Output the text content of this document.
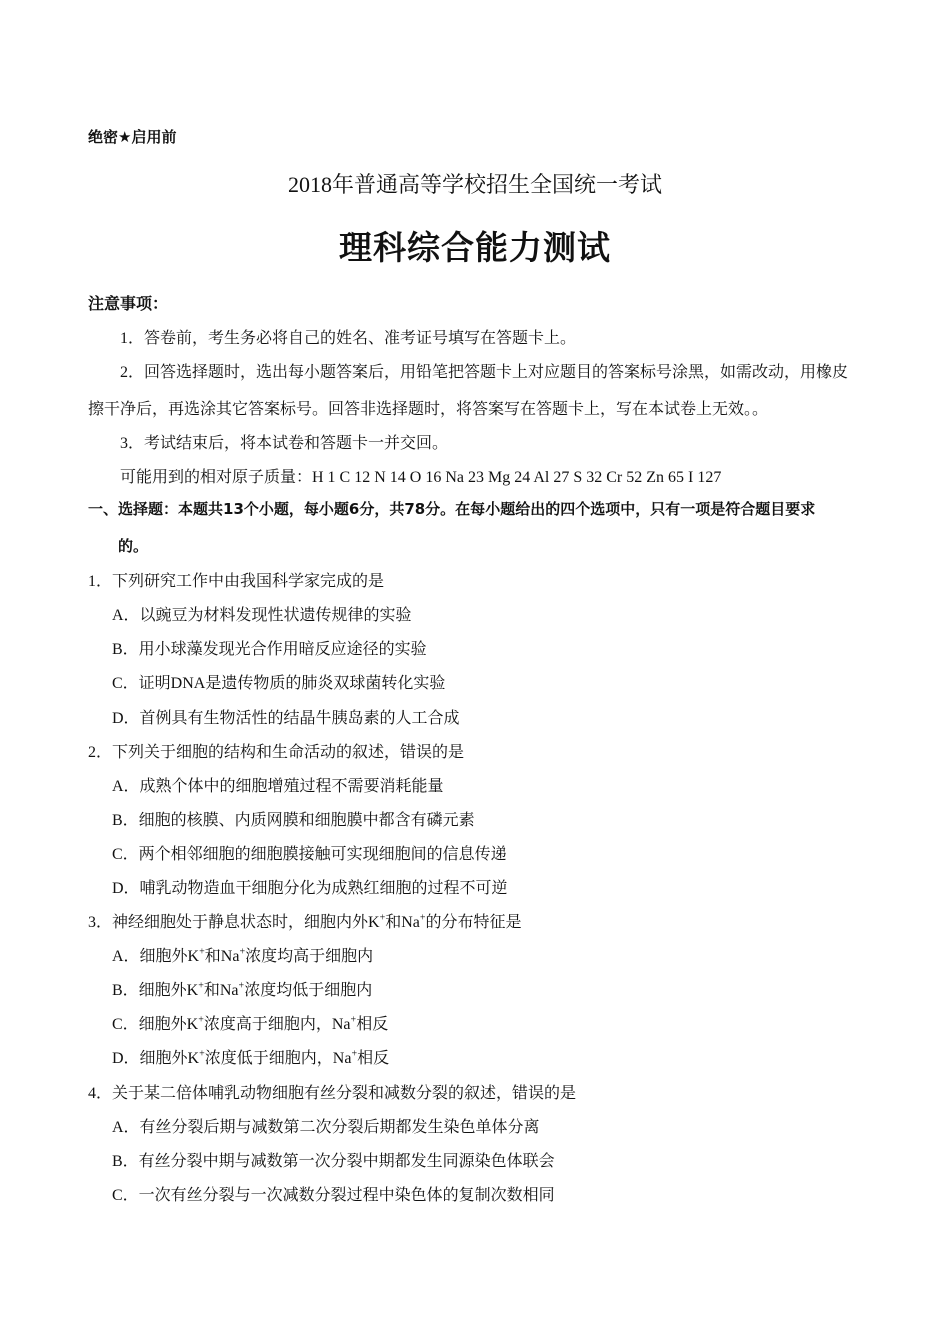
绝密★启用前
2018年普通高等学校招生全国统一考试
理科综合能力测试
注意事项：
1．答卷前，考生务必将自己的姓名、准考证号填写在答题卡上。
2．回答选择题时，选出每小题答案后，用铅笔把答题卡上对应题目的答案标号涂黑，如需改动，用橡皮
擦干净后，再选涂其它答案标号。回答非选择题时，将答案写在答题卡上，写在本试卷上无效。。
3．考试结束后，将本试卷和答题卡一并交回。
可能用到的相对原子质量：H 1 C 12 N 14 O 16 Na 23 Mg 24 Al 27 S 32 Cr 52 Zn 65 I 127
一、选择题：本题共13个小题，每小题6分，共78分。在每小题给出的四个选项中，只有一项是符合题目要求
的。
1．下列研究工作中由我国科学家完成的是
A．以豌豆为材料发现性状遗传规律的实验
B．用小球藻发现光合作用暗反应途径的实验
C．证明DNA是遗传物质的肺炎双球菌转化实验
D．首例具有生物活性的结晶牛胰岛素的人工合成
2．下列关于细胞的结构和生命活动的叙述，错误的是
A．成熟个体中的细胞增殖过程不需要消耗能量
B．细胞的核膜、内质网膜和细胞膜中都含有磷元素
C．两个相邻细胞的细胞膜接触可实现细胞间的信息传递
D．哺乳动物造血干细胞分化为成熟红细胞的过程不可逆
3．神经细胞处于静息状态时，细胞内外K+和Na+的分布特征是
A．细胞外K+和Na+浓度均高于细胞内
B．细胞外K+和Na+浓度均低于细胞内
C．细胞外K+浓度高于细胞内，Na+相反
D．细胞外K+浓度低于细胞内，Na+相反
4．关于某二倍体哺乳动物细胞有丝分裂和减数分裂的叙述，错误的是
A．有丝分裂后期与减数第二次分裂后期都发生染色单体分离
B．有丝分裂中期与减数第一次分裂中期都发生同源染色体联会
C．一次有丝分裂与一次减数分裂过程中染色体的复制次数相同
